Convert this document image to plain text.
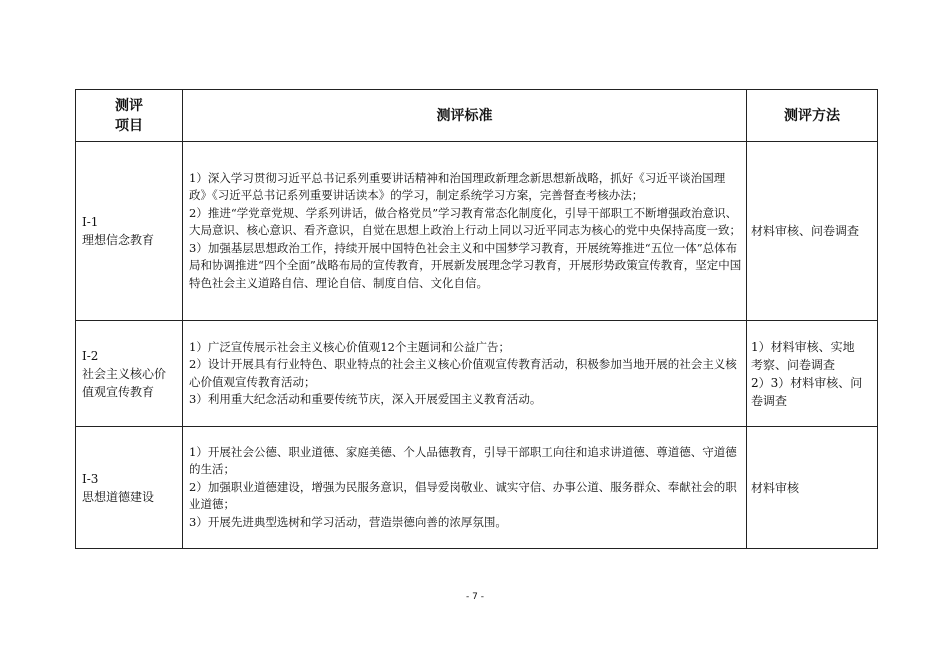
测评
项目	测评标准	测评方法

Ⅰ-1
理想信念教育	1）深入学习贯彻习近平总书记系列重要讲话精神和治国理政新理念新思想新战略，抓好《习近平谈治国理政》《习近平总书记系列重要讲话读本》的学习，制定系统学习方案，完善督查考核办法；
2）推进“学党章党规、学系列讲话，做合格党员”学习教育常态化制度化，引导干部职工不断增强政治意识、大局意识、核心意识、看齐意识，自觉在思想上政治上行动上同以习近平同志为核心的党中央保持高度一致；
3）加强基层思想政治工作，持续开展中国特色社会主义和中国梦学习教育，开展统筹推进“五位一体”总体布局和协调推进“四个全面”战略布局的宣传教育，开展新发展理念学习教育，开展形势政策宣传教育，坚定中国特色社会主义道路自信、理论自信、制度自信、文化自信。	材料审核、问卷调查

Ⅰ-2
社会主义核心价
值观宣传教育	1）广泛宣传展示社会主义核心价值观12个主题词和公益广告；
2）设计开展具有行业特色、职业特点的社会主义核心价值观宣传教育活动，积极参加当地开展的社会主义核心价值观宣传教育活动；
3）利用重大纪念活动和重要传统节庆，深入开展爱国主义教育活动。	1）材料审核、实地
考察、问卷调查
2）3）材料审核、问
卷调查

Ⅰ-3
思想道德建设	1）开展社会公德、职业道德、家庭美德、个人品德教育，引导干部职工向往和追求讲道德、尊道德、守道德的生活；
2）加强职业道德建设，增强为民服务意识，倡导爱岗敬业、诚实守信、办事公道、服务群众、奉献社会的职业道德；
3）开展先进典型选树和学习活动，营造崇德向善的浓厚氛围。	材料审核
- 7 -
